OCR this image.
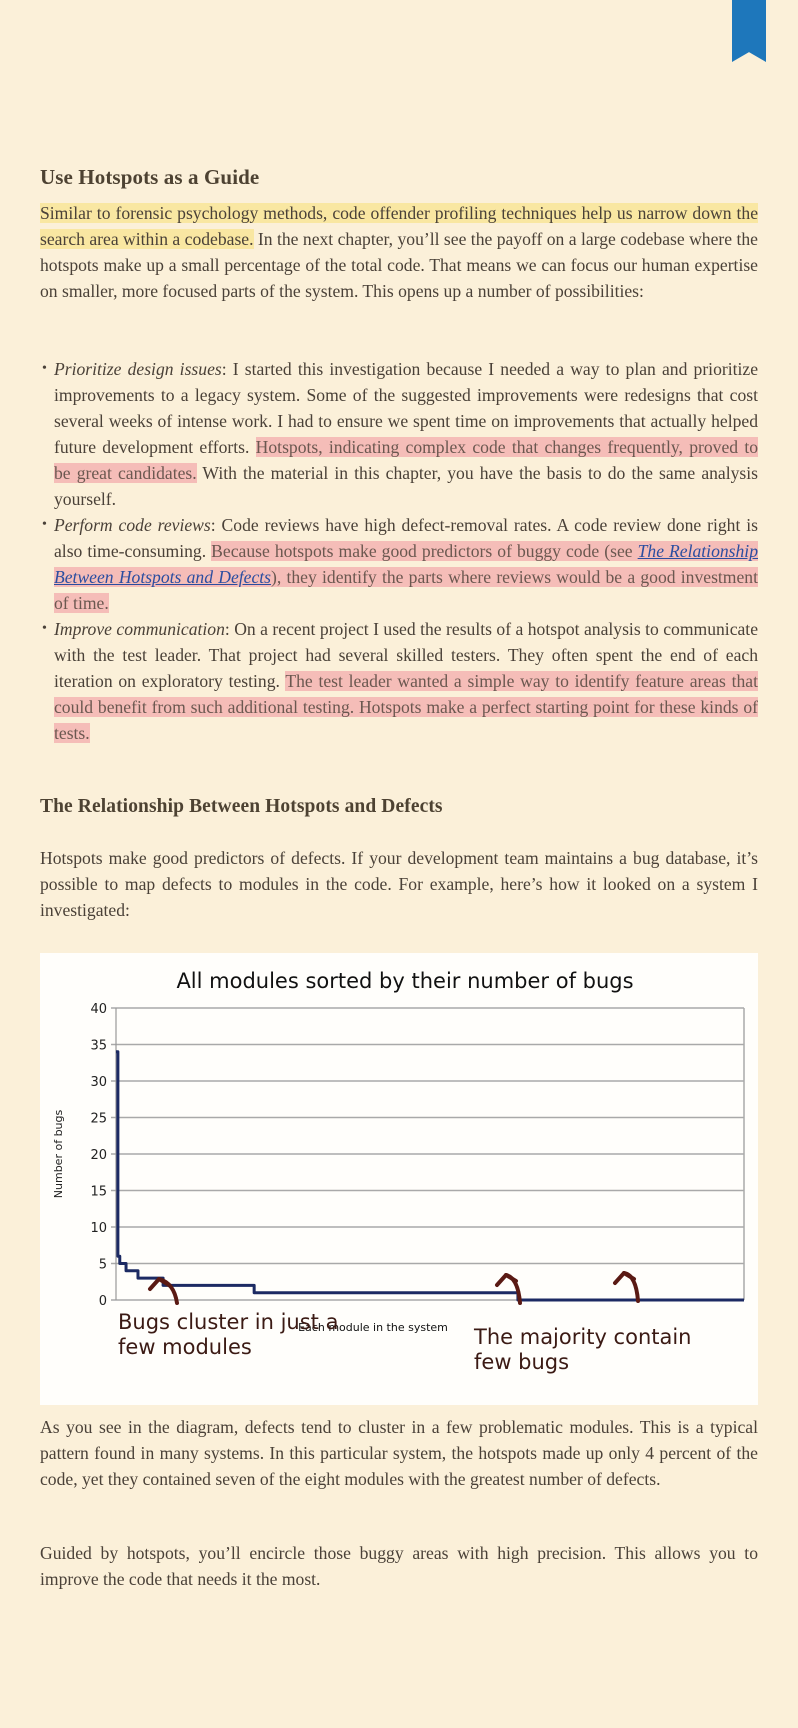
Use Hotspots as a Guide
Similar to forensic psychology methods, code offender profiling techniques help us narrow down the search area within a codebase. In the next chapter, you’ll see the payoff on a large codebase where the hotspots make up a small percentage of the total code. That means we can focus our human expertise on smaller, more focused parts of the system. This opens up a number of possibilities:
• Prioritize design issues: I started this investigation because I needed a way to plan and prioritize improvements to a legacy system. Some of the suggested improvements were redesigns that cost several weeks of intense work. I had to ensure we spent time on improvements that actually helped future development efforts. Hotspots, indicating complex code that changes frequently, proved to be great candidates. With the material in this chapter, you have the basis to do the same analysis yourself.
• Perform code reviews: Code reviews have high defect-removal rates. A code review done right is also time-consuming. Because hotspots make good predictors of buggy code (see The Relationship Between Hotspots and Defects), they identify the parts where reviews would be a good investment of time.
• Improve communication: On a recent project I used the results of a hotspot analysis to communicate with the test leader. That project had several skilled testers. They often spent the end of each iteration on exploratory testing. The test leader wanted a simple way to identify feature areas that could benefit from such additional testing. Hotspots make a perfect starting point for these kinds of tests.
The Relationship Between Hotspots and Defects
Hotspots make good predictors of defects. If your development team maintains a bug database, it’s possible to map defects to modules in the code. For example, here’s how it looked on a system I investigated:
As you see in the diagram, defects tend to cluster in a few problematic modules. This is a typical pattern found in many systems. In this particular system, the hotspots made up only 4 percent of the code, yet they contained seven of the eight modules with the greatest number of defects.
Guided by hotspots, you’ll encircle those buggy areas with high precision. This allows you to improve the code that needs it the most.
All modules sorted by their number of bugs
0
5
10
15
20
25
30
35
40
Number of bugs
Each module in the system
Bugs cluster in just a
few modules	The majority contain
few bugs
